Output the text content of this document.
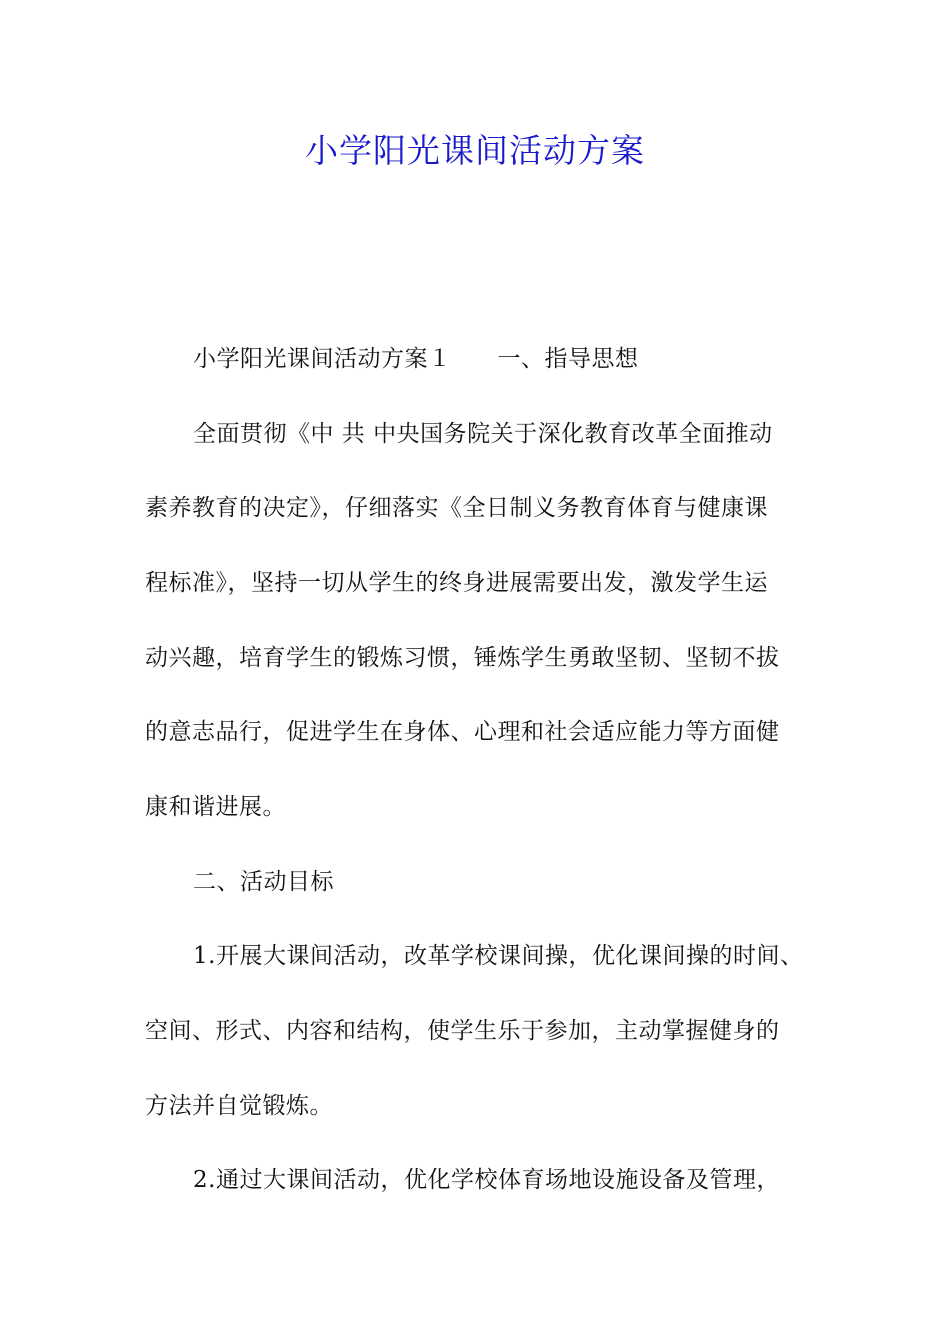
小学阳光课间活动方案

小学阳光课间活动方案１ 一、指导思想

全面贯彻《中 共 中央国务院关于深化教育改革全面推动

素养教育的决定》，仔细落实《全日制义务教育体育与健康课

程标准》，坚持一切从学生的终身进展需要出发，激发学生运

动兴趣，培育学生的锻炼习惯，锤炼学生勇敢坚韧、坚韧不拔

的意志品行，促进学生在身体、心理和社会适应能力等方面健

康和谐进展。

二、活动目标

1.开展大课间活动，改革学校课间操，优化课间操的时间、

空间、形式、内容和结构，使学生乐于参加，主动掌握健身的

方法并自觉锻炼。

2.通过大课间活动，优化学校体育场地设施设备及管理，
